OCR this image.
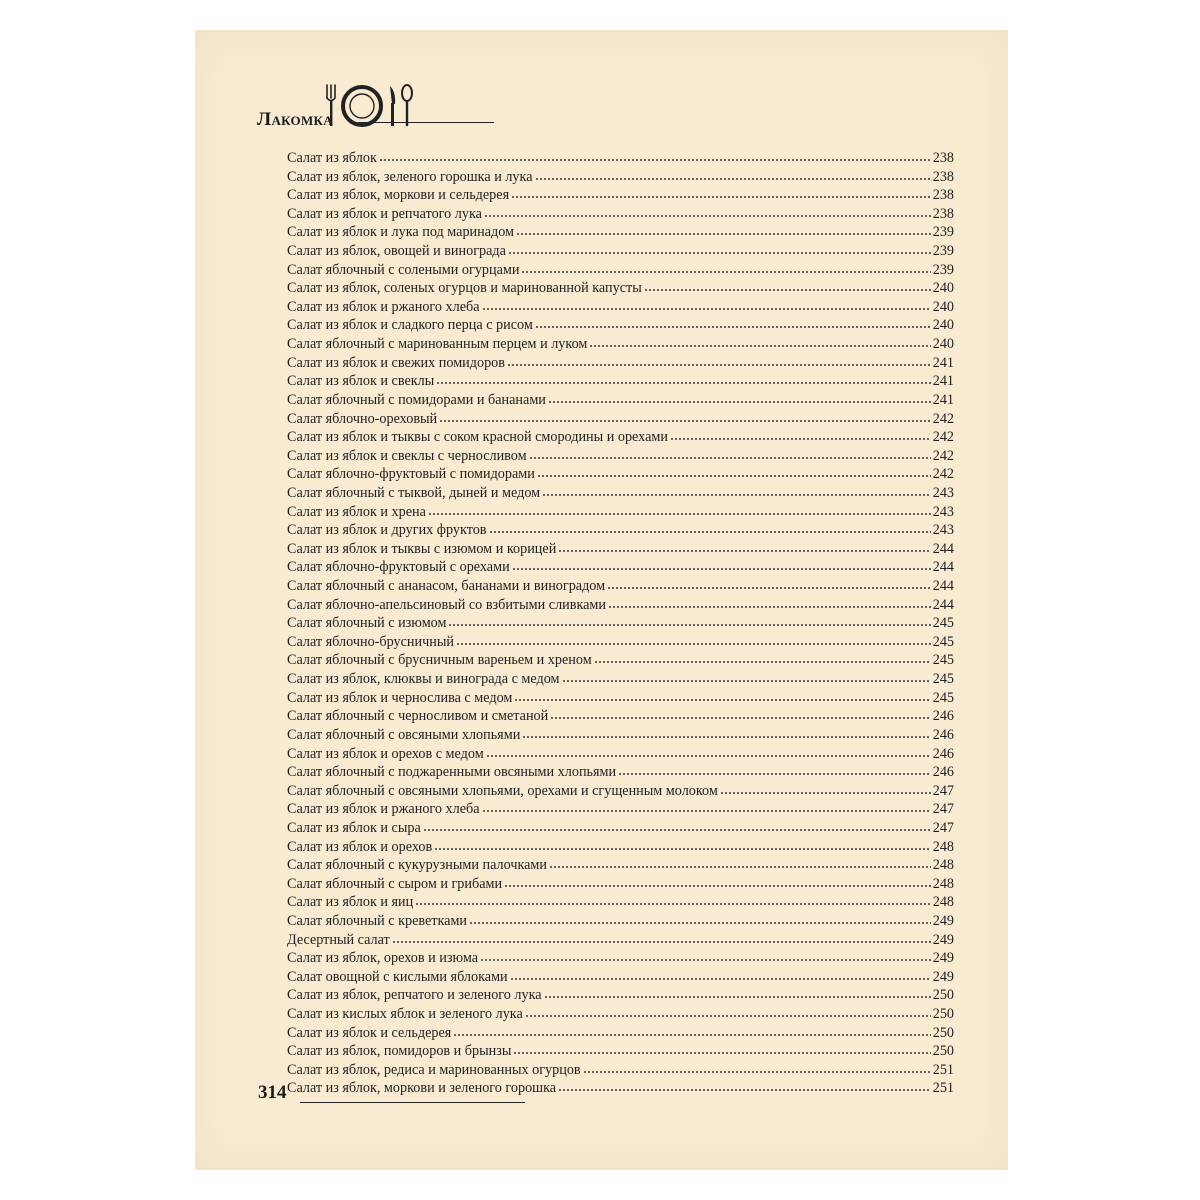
Лакомка
Салат из яблок	238
Салат из яблок, зеленого горошка и лука	238
Салат из яблок, моркови и сельдерея	238
Салат из яблок и репчатого лука	238
Салат из яблок и лука под маринадом	239
Салат из яблок, овощей и винограда	239
Салат яблочный с солеными огурцами	239
Салат из яблок, соленых огурцов и маринованной капусты	240
Салат из яблок и ржаного хлеба	240
Салат из яблок и сладкого перца с рисом	240
Салат яблочный с маринованным перцем и луком	240
Салат из яблок и свежих помидоров	241
Салат из яблок и свеклы	241
Салат яблочный с помидорами и бананами	241
Салат яблочно-ореховый	242
Салат из яблок и тыквы с соком красной смородины и орехами	242
Салат из яблок и свеклы с черносливом	242
Салат яблочно-фруктовый с помидорами	242
Салат яблочный с тыквой, дыней и медом	243
Салат из яблок и хрена	243
Салат из яблок и других фруктов	243
Салат из яблок и тыквы с изюмом и корицей	244
Салат яблочно-фруктовый с орехами	244
Салат яблочный с ананасом, бананами и виноградом	244
Салат яблочно-апельсиновый со взбитыми сливками	244
Салат яблочный с изюмом	245
Салат яблочно-брусничный	245
Салат яблочный с брусничным вареньем и хреном	245
Салат из яблок, клюквы и винограда с медом	245
Салат из яблок и чернослива с медом	245
Салат яблочный с черносливом и сметаной	246
Салат яблочный с овсяными хлопьями	246
Салат из яблок и орехов с медом	246
Салат яблочный с поджаренными овсяными хлопьями	246
Салат яблочный с овсяными хлопьями, орехами и сгущенным молоком	247
Салат из яблок и ржаного хлеба	247
Салат из яблок и сыра	247
Салат из яблок и орехов	248
Салат яблочный с кукурузными палочками	248
Салат яблочный с сыром и грибами	248
Салат из яблок и яиц	248
Салат яблочный с креветками	249
Десертный салат	249
Салат из яблок, орехов и изюма	249
Салат овощной с кислыми яблоками	249
Салат из яблок, репчатого и зеленого лука	250
Салат из кислых яблок и зеленого лука	250
Салат из яблок и сельдерея	250
Салат из яблок, помидоров и брынзы	250
Салат из яблок, редиса и маринованных огурцов	251
Салат из яблок, моркови и зеленого горошка	251
314
